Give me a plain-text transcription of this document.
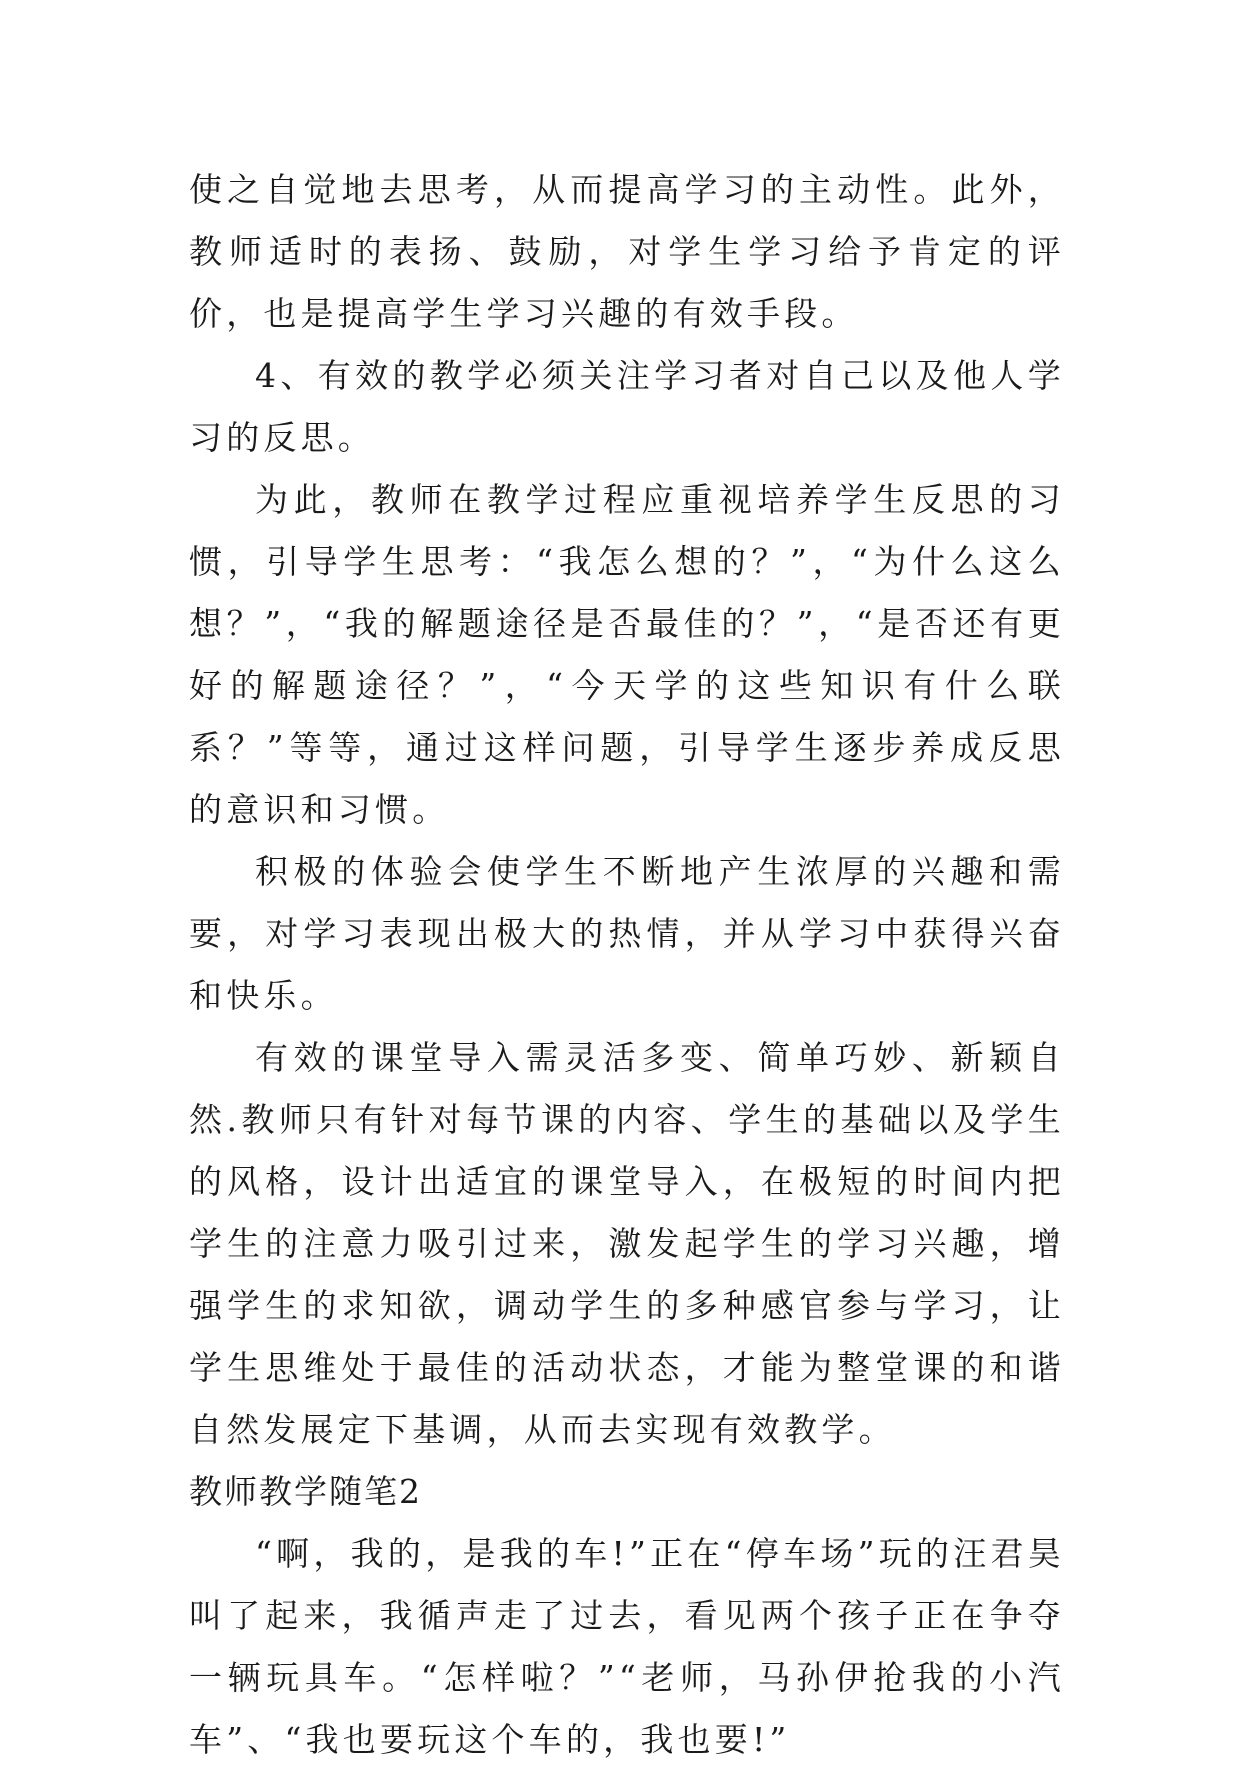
使之自觉地去思考，从而提高学习的主动性。此外，教师适时的表扬、鼓励，对学生学习给予肯定的评价，也是提高学生学习兴趣的有效手段。

4、有效的教学必须关注学习者对自己以及他人学习的反思。

为此，教师在教学过程应重视培养学生反思的习惯，引导学生思考：“我怎么想的？”，“为什么这么想？”，“我的解题途径是否最佳的？”，“是否还有更好的解题途径？”，“今天学的这些知识有什么联系？”等等，通过这样问题，引导学生逐步养成反思的意识和习惯。

积极的体验会使学生不断地产生浓厚的兴趣和需要，对学习表现出极大的热情，并从学习中获得兴奋和快乐。

有效的课堂导入需灵活多变、简单巧妙、新颖自然.教师只有针对每节课的内容、学生的基础以及学生的风格，设计出适宜的课堂导入，在极短的时间内把学生的注意力吸引过来，激发起学生的学习兴趣，增强学生的求知欲，调动学生的多种感官参与学习，让学生思维处于最佳的活动状态，才能为整堂课的和谐自然发展定下基调，从而去实现有效教学。

教师教学随笔2

“啊，我的，是我的车!”正在“停车场”玩的汪君昊叫了起来，我循声走了过去，看见两个孩子正在争夺一辆玩具车。“怎样啦？”“老师，马孙伊抢我的小汽车”、“我也要玩这个车的，我也要!”
